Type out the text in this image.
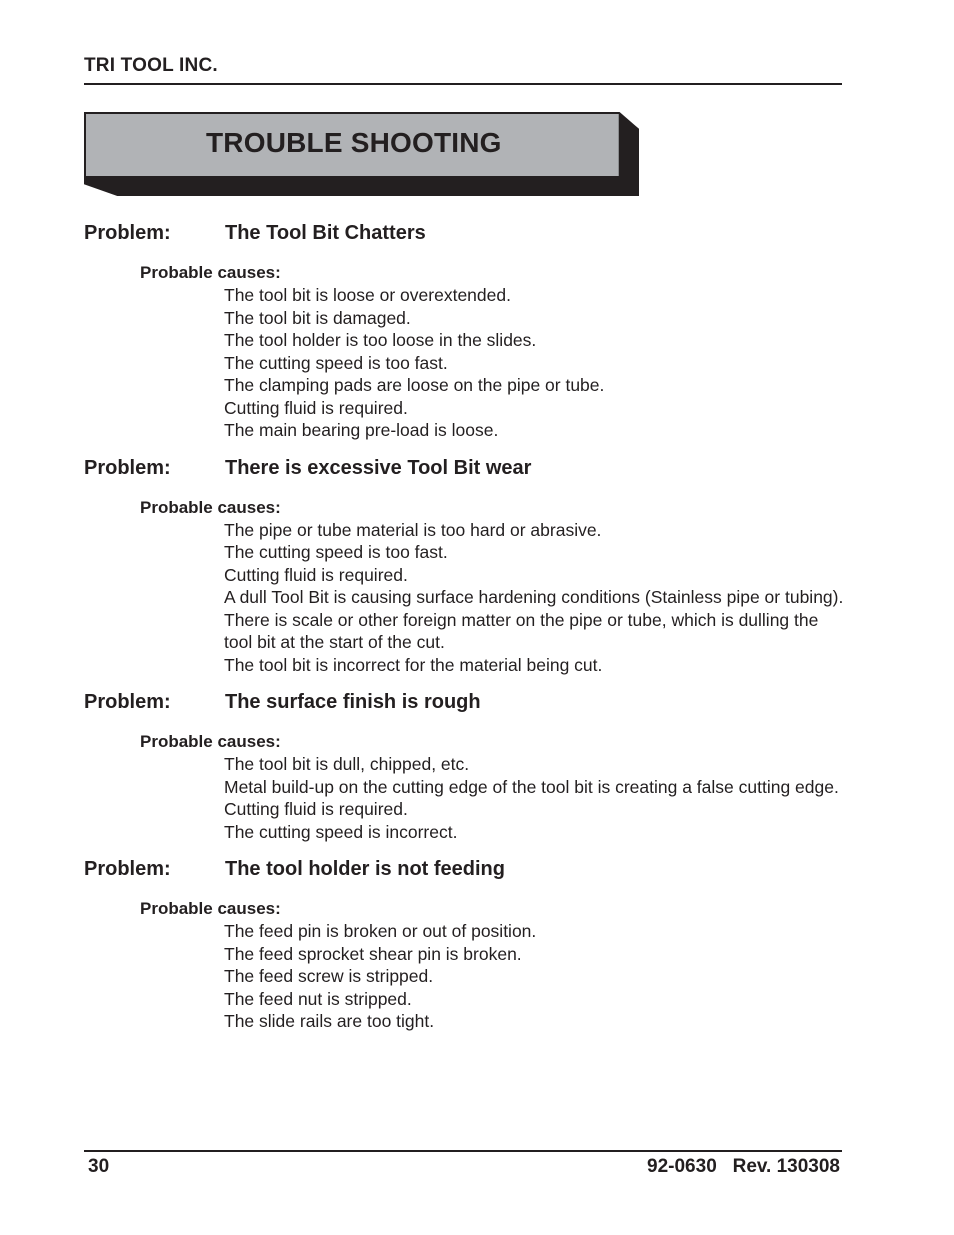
TRI TOOL INC.
TROUBLE SHOOTING
Problem:	The Tool Bit Chatters
Probable causes:
The tool bit is loose or overextended.
The tool bit is damaged.
The tool holder is too loose in the slides.
The cutting speed is too fast.
The clamping pads are loose on the pipe or tube.
Cutting fluid is required.
The main bearing pre-load is loose.
Problem:	There is excessive Tool Bit wear
Probable causes:
The pipe or tube material is too hard or abrasive.
The cutting speed is too fast.
Cutting fluid is required.
A dull Tool Bit is causing surface hardening conditions (Stainless pipe or tubing).
There is scale or other foreign matter on the pipe or tube, which is dulling the tool bit at the start of the cut.
The tool bit is incorrect for the material being cut.
Problem:	The surface finish is rough
Probable causes:
The tool bit is dull, chipped, etc.
Metal build-up on the cutting edge of the tool bit is creating a false cutting edge.
Cutting fluid is required.
The cutting speed is incorrect.
Problem:	The tool holder is not feeding
Probable causes:
The feed pin is broken or out of position.
The feed sprocket shear pin is broken.
The feed screw is stripped.
The feed nut is stripped.
The slide rails are too tight.
30	92-0630   Rev. 130308
